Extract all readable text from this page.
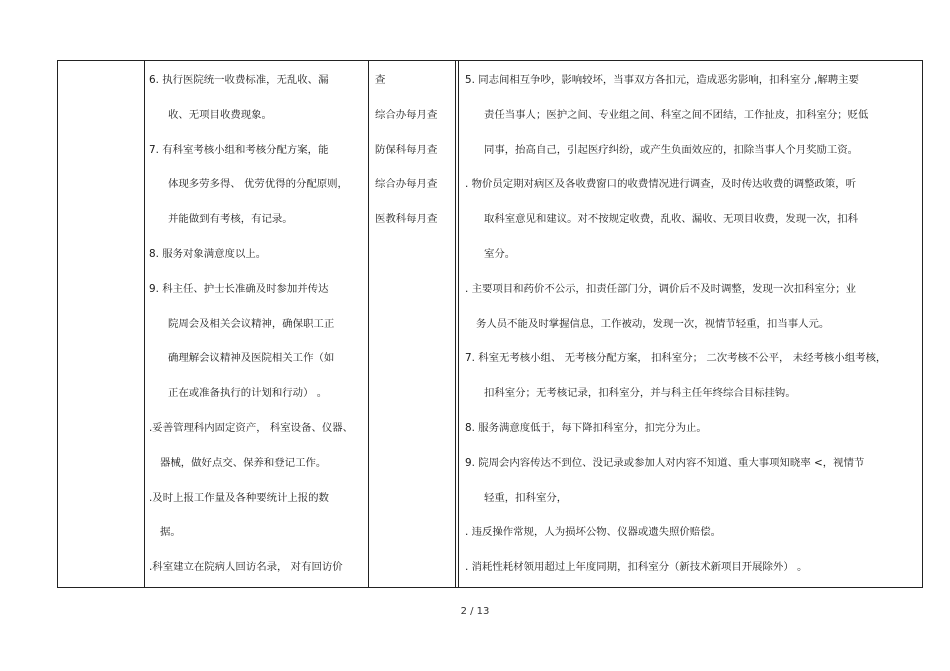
6. 执行医院统一收费标准，无乱收、漏
收、无项目收费现象。
7. 有科室考核小组和考核分配方案，能
体现多劳多得、 优劳优得的分配原则，
并能做到有考核，有记录。
8. 服务对象满意度以上。
9. 科主任、护士长准确及时参加并传达
院周会及相关会议精神，确保职工正
确理解会议精神及医院相关工作（如
正在或准备执行的计划和行动） 。
.妥善管理科内固定资产， 科室设备、仪器、
器械，做好点交、保养和登记工作。
.及时上报工作量及各种要统计上报的数
据。
.科室建立在院病人回访名录， 对有回访价
查
综合办每月查
防保科每月查
综合办每月查
医教科每月查
5. 同志间相互争吵，影响较坏，当事双方各扣元，造成恶劣影响，扣科室分 ,解聘主要
责任当事人；医护之间、专业组之间、科室之间不团结，工作扯皮，扣科室分；贬低
同事，抬高自己，引起医疗纠纷，或产生负面效应的，扣除当事人个月奖励工资。
. 物价员定期对病区及各收费窗口的收费情况进行调查，及时传达收费的调整政策，听
取科室意见和建议。对不按规定收费，乱收、漏收、无项目收费，发现一次，扣科
室分。
. 主要项目和药价不公示，扣责任部门分，调价后不及时调整，发现一次扣科室分；业
务人员不能及时掌握信息，工作被动，发现一次，视情节轻重，扣当事人元。
7. 科室无考核小组、 无考核分配方案， 扣科室分； 二次考核不公平， 未经考核小组考核，
扣科室分；无考核记录，扣科室分，并与科主任年终综合目标挂钩。
8. 服务满意度低于，每下降扣科室分，扣完分为止。
9. 院周会内容传达不到位、没记录或参加人对内容不知道、重大事项知晓率 <，视情节
轻重，扣科室分，
. 违反操作常规，人为损坏公物、仪器或遗失照价赔偿。
. 消耗性耗材领用超过上年度同期，扣科室分（新技术新项目开展除外） 。
2 / 13
